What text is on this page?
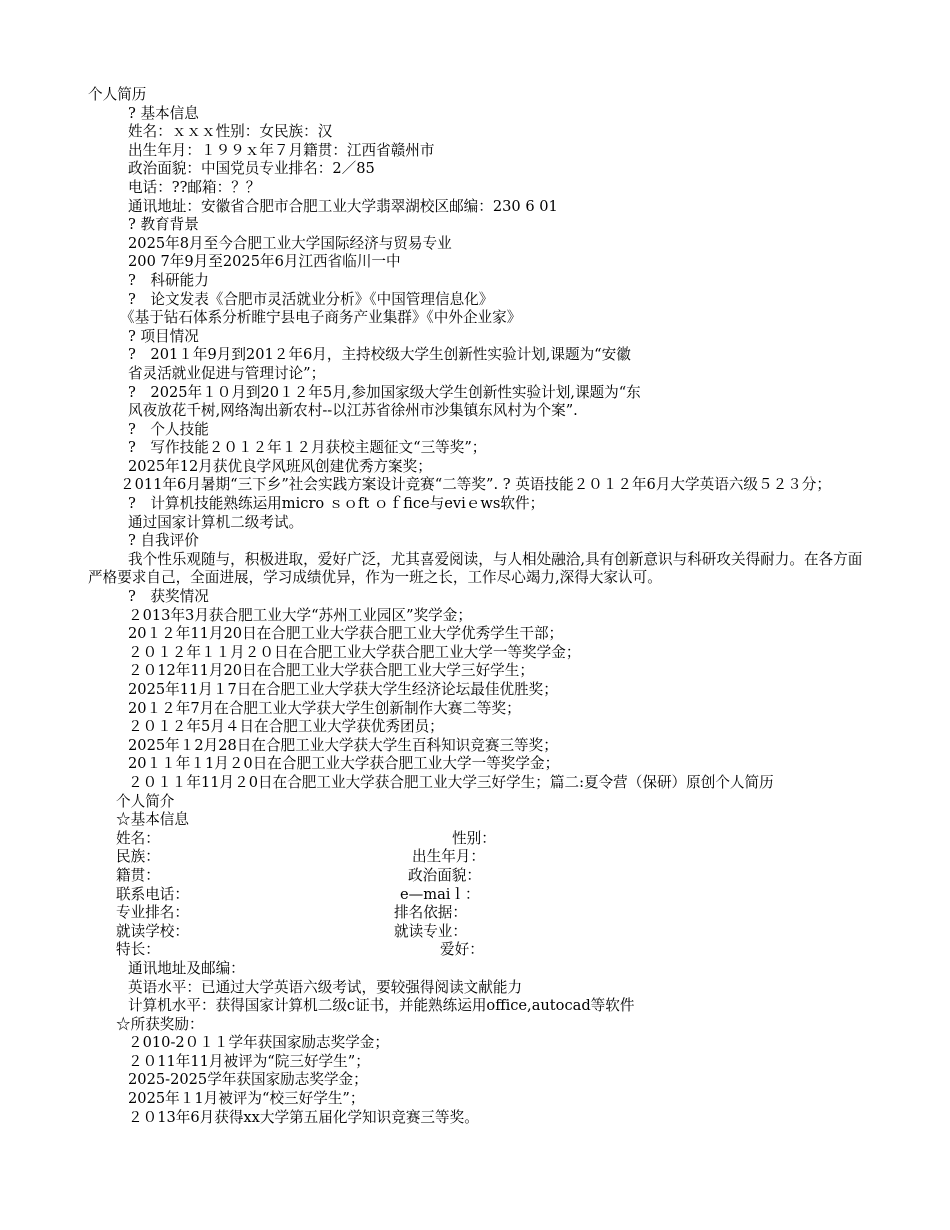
个人简历
? 基本信息
姓名：ｘｘｘ性别：女民族：汉
出生年月：１９９ｘ年７月籍贯：江西省赣州市
政治面貌：中国党员专业排名：2／85
电话：??邮箱：？？
通讯地址：安徽省合肥市合肥工业大学翡翠湖校区邮编：230 6 01
? 教育背景
2025年8月至今合肥工业大学国际经济与贸易专业
200 7年9月至2025年6月江西省临川一中
?　科研能力
?　论文发表《合肥市灵活就业分析》《中国管理信息化》
《基于钻石体系分析睢宁县电子商务产业集群》《中外企业家》
? 项目情况
?　201１年9月到201２年6月，主持校级大学生创新性实验计划,课题为“安徽
省灵活就业促进与管理讨论”；
?　2025年１０月到20１２年5月,参加国家级大学生创新性实验计划,课题为“东
风夜放花千树,网络淘出新农村--以江苏省徐州市沙集镇东风村为个案”.
?　个人技能
?　写作技能２０１２年１２月获校主题征文“三等奖”；
2025年12月获优良学风班风创建优秀方案奖；
２011年6月暑期“三下乡”社会实践方案设计竞赛“二等奖”. ? 英语技能２０１２年6月大学英语六级５２３分；
?　计算机技能熟练运用micro ｓｏft ｏｆfice与eviｅws软件；
通过国家计算机二级考试。
? 自我评价
我个性乐观随与，积极进取，爱好广泛，尤其喜爱阅读，与人相处融洽,具有创新意识与科研攻关得耐力。在各方面严格要求自己，全面进展，学习成绩优异，作为一班之长，工作尽心竭力,深得大家认可。
?　获奖情况
２013年3月获合肥工业大学“苏州工业园区”奖学金；
20１２年11月20日在合肥工业大学获合肥工业大学优秀学生干部；
２０１２年１１月２０日在合肥工业大学获合肥工业大学一等奖学金；
２０12年11月20日在合肥工业大学获合肥工业大学三好学生；
2025年11月１7日在合肥工业大学获大学生经济论坛最佳优胜奖；
20１２年7月在合肥工业大学获大学生创新制作大赛二等奖；
２０１２年5月４日在合肥工业大学获优秀团员；
2025年１2月28日在合肥工业大学获大学生百科知识竞赛三等奖；
20１１年１1月２0日在合肥工业大学获合肥工业大学一等奖学金；
２０１１年11月２0日在合肥工业大学获合肥工业大学三好学生；篇二:夏令营（保研）原创个人简历
个人简介
☆基本信息
姓名：	性别：
民族：	出生年月：
籍贯：	政治面貌：
联系电话：	e—maiｌ：
专业排名：	排名依据：
就读学校：	就读专业：
特长：	爱好：
通讯地址及邮编：
英语水平：已通过大学英语六级考试，要较强得阅读文献能力
计算机水平：获得国家计算机二级c证书，并能熟练运用office,autocad等软件
☆所获奖励：
２010-2０１１学年获国家励志奖学金；
２０11年11月被评为“院三好学生”；
2025-2025学年获国家励志奖学金；
2025年１1月被评为“校三好学生”；
２０13年6月获得xx大学第五届化学知识竞赛三等奖。
